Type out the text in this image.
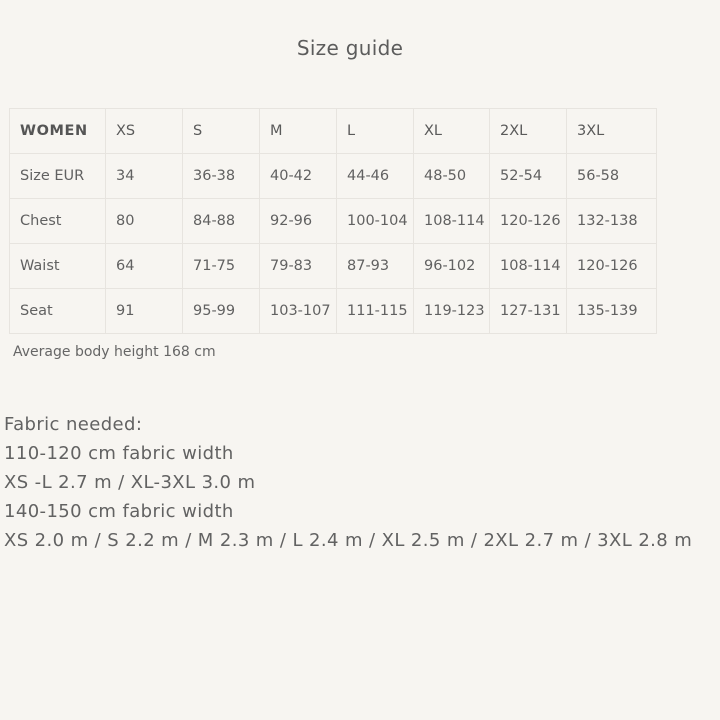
Size guide
WOMEN	XS	S	M	L	XL	2XL	3XL
Size EUR	34	36-38	40-42	44-46	48-50	52-54	56-58
Chest	80	84-88	92-96	100-104	108-114	120-126	132-138
Waist	64	71-75	79-83	87-93	96-102	108-114	120-126
Seat	91	95-99	103-107	111-115	119-123	127-131	135-139
Average body height 168 cm
Fabric needed:
110-120 cm fabric width
XS -L 2.7 m / XL-3XL 3.0 m
140-150 cm fabric width
XS 2.0 m / S 2.2 m / M 2.3 m / L 2.4 m / XL 2.5 m / 2XL 2.7 m / 3XL 2.8 m
